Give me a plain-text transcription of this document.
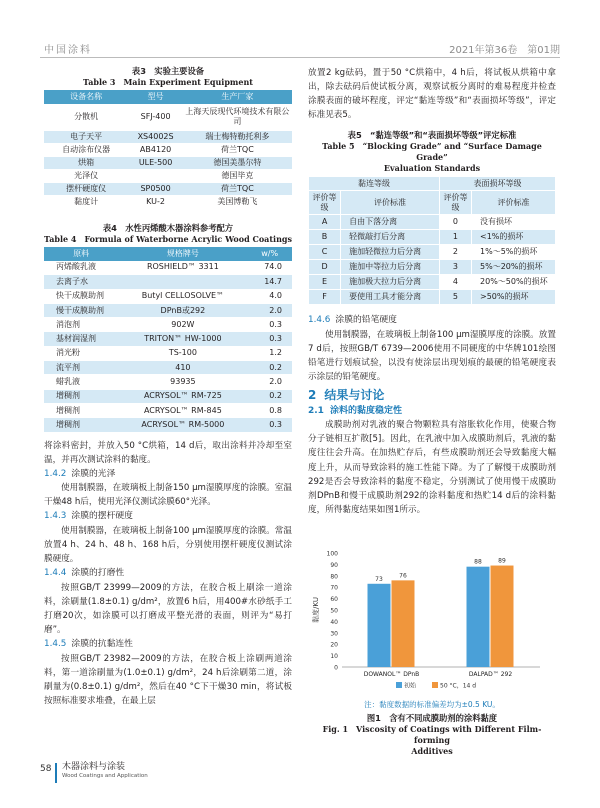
中国涂料	2021年第36卷　第01期
表3　实验主要设备
Table 3　Main Experiment Equipment
设备名称	型号	生产厂家
分散机	SFJ-400	上海天辰现代环境技术有限公司
电子天平	XS4002S	瑞士梅特勒托利多
自动涂布仪器	AB4120	荷兰TQC
烘箱	ULE-500	德国美墨尔特
光泽仪		德国毕克
摆杆硬度仪	SP0500	荷兰TQC
黏度计	KU-2	美国博勒飞
表4　水性丙烯酸木器涂料参考配方
Table 4　Formula of Waterborne Acrylic Wood Coatings
原料	规格牌号	w/%
丙烯酸乳液	ROSHIELD™ 3311	74.0
去离子水		14.7
快干成膜助剂	Butyl CELLOSOLVE™	4.0
慢干成膜助剂	DPnB或292	2.0
消泡剂	902W	0.3
基材润湿剂	TRITON™ HW-1000	0.3
消光粉	TS-100	1.2
流平剂	410	0.2
蜡乳液	93935	2.0
增稠剂	ACRYSOL™ RM-725	0.2
增稠剂	ACRYSOL™ RM-845	0.8
增稠剂	ACRYSOL™ RM-5000	0.3

将涂料密封，并放入50 °C烘箱，14 d后，取出涂料并冷却至室温，并再次测试涂料的黏度。

1.4.2 涂膜的光泽

使用制膜器，在玻璃板上制备150 µm湿膜厚度的涂膜。室温干燥48 h后，使用光泽仪测试涂膜60°光泽。

1.4.3 涂膜的摆杆硬度

使用制膜器，在玻璃板上制备100 µm湿膜厚度的涂膜。常温放置4 h、24 h、48 h、168 h后，分别使用摆杆硬度仪测试涂膜硬度。

1.4.4 涂膜的打磨性

按照GB/T 23999—2009的方法，在胶合板上刷涂一道涂料，涂刷量(1.8±0.1) g/dm²，放置6 h后，用400#水砂纸手工打磨20次，如涂膜可以打磨成平整光滑的表面，则评为“易打磨”。

1.4.5 涂膜的抗黏连性

按照GB/T 23982—2009的方法，在胶合板上涂刷两道涂料，第一道涂刷量为(1.0±0.1) g/dm²，24 h后涂刷第二道，涂刷量为(0.8±0.1) g/dm²，然后在40 °C下干燥30 min，将试板按照标准要求堆叠，在最上层

放置2 kg砝码，置于50 °C烘箱中，4 h后，将试板从烘箱中拿出，除去砝码后使试板分离，观察试板分离时的难易程度并检查涂膜表面的破坏程度，评定“黏连等级”和“表面损坏等级”，评定标准见表5。

表5　“黏连等级”和“表面损坏等级”评定标准
Table 5　“Blocking Grade” and “Surface Damage Grade”
Evaluation Standards
黏连等级		表面损坏等级	
评价等级	评价标准	评价等级	评价标准
A	自由下落分离	0	没有损坏
B	轻微敲打后分离	1	<1%的损坏
C	施加轻微拉力后分离	2	1%～5%的损坏
D	施加中等拉力后分离	3	5%～20%的损坏
E	施加极大拉力后分离	4	20%～50%的损坏
F	要使用工具才能分离	5	>50%的损坏
1.4.6 涂膜的铅笔硬度

使用制膜器，在玻璃板上制备100 µm湿膜厚度的涂膜。放置7 d后，按照GB/T 6739—2006使用不同硬度的中华牌101绘图铅笔进行划痕试验，以没有使涂层出现划痕的最硬的铅笔硬度表示涂层的铅笔硬度。

2 结果与讨论
2.1 涂料的黏度稳定性

成膜助剂对乳液的聚合物颗粒具有溶胀软化作用，使聚合物分子链相互扩散[5]。因此，在乳液中加入成膜助剂后，乳液的黏度往往会升高。在加热贮存后，有些成膜助剂还会导致黏度大幅度上升，从而导致涂料的施工性能下降。为了了解慢干成膜助剂292是否会导致涂料的黏度不稳定，分别测试了使用慢干成膜助剂DPnB和慢干成膜助剂292的涂料黏度和热贮14 d后的涂料黏度，所得黏度结果如图1所示。

0
10
20
30
40
50
60
70
80
90
100
黏度/KU
73	76
DOWANOL™ DPnB
88	89
DALPAD™ 292
初始	50 °C，14 d
注：黏度数据的标准偏差均为±0.5 KU。
图1　含有不同成膜助剂的涂料黏度
Fig. 1　Viscosity of Coatings with Different Film-forming
Additives
58 木器涂料与涂装
Wood Coatings and Application
